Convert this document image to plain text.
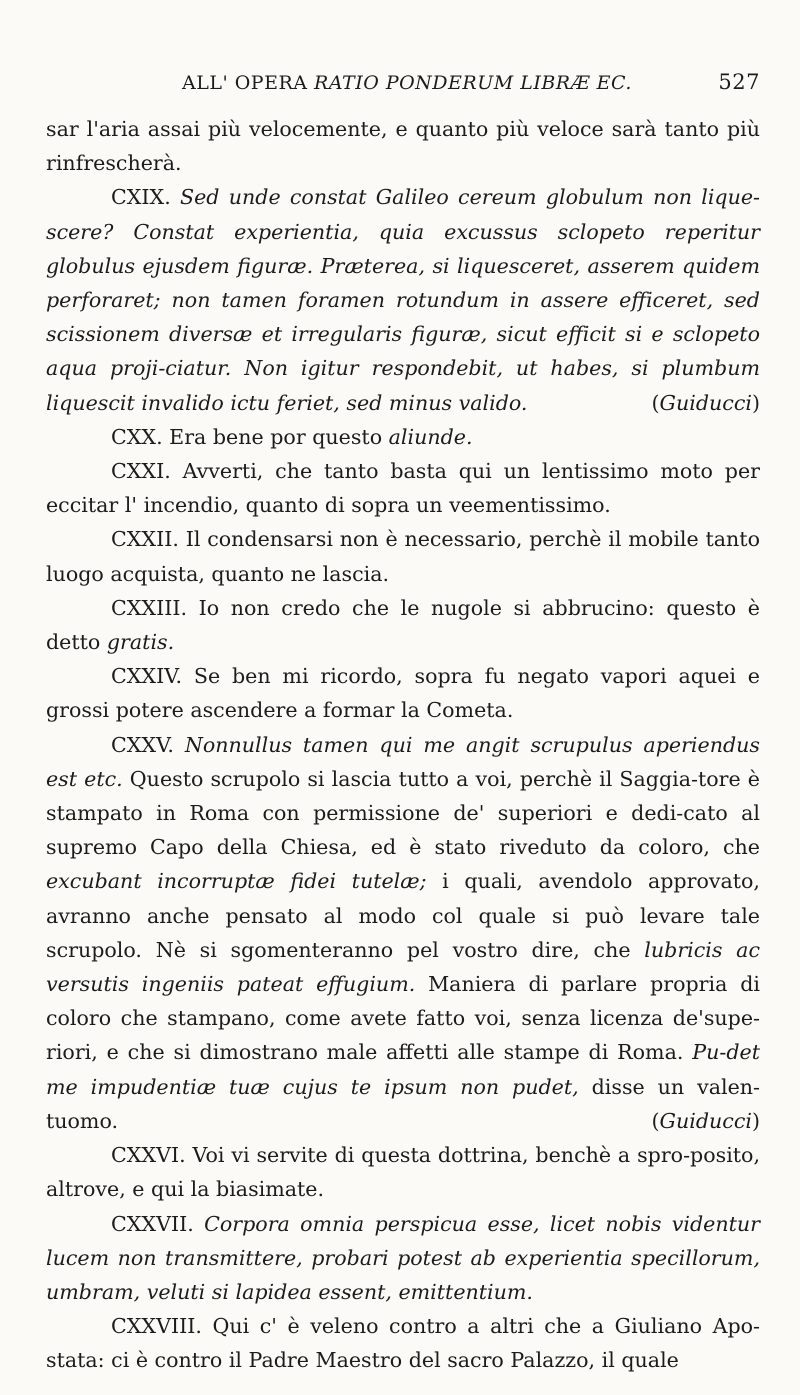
ALL' OPERA RATIO PONDERUM LIBRÆ EC.	527

sar l'aria assai più velocemente, e quanto più veloce sarà tanto più rinfrescherà.

CXIX. Sed unde constat Galileo cereum globulum non lique-scere? Constat experientia, quia excussus sclopeto reperitur globulus ejusdem figuræ. Præterea, si liquesceret, asserem quidem perforaret; non tamen foramen rotundum in assere efficeret, sed scissionem diversæ et irregularis figuræ, sicut efficit si e sclopeto aqua proji-ciatur. Non igitur respondebit, ut habes, si plumbum liquescit invalido ictu feriet, sed minus valido.	(Guiducci)

CXX. Era bene por questo aliunde.

CXXI. Avverti, che tanto basta qui un lentissimo moto per eccitar l' incendio, quanto di sopra un veementissimo.

CXXII. Il condensarsi non è necessario, perchè il mobile tanto luogo acquista, quanto ne lascia.

CXXIII. Io non credo che le nugole si abbrucino: questo è detto gratis.

CXXIV. Se ben mi ricordo, sopra fu negato vapori aquei e grossi potere ascendere a formar la Cometa.

CXXV. Nonnullus tamen qui me angit scrupulus aperiendus est etc. Questo scrupolo si lascia tutto a voi, perchè il Saggia-tore è stampato in Roma con permissione de' superiori e dedi-cato al supremo Capo della Chiesa, ed è stato riveduto da coloro, che excubant incorruptæ fidei tutelæ; i quali, avendolo approvato, avranno anche pensato al modo col quale si può levare tale scrupolo. Nè si sgomenteranno pel vostro dire, che lubricis ac versutis ingeniis pateat effugium. Maniera di parlare propria di coloro che stampano, come avete fatto voi, senza licenza de'supe-riori, e che si dimostrano male affetti alle stampe di Roma. Pu-det me impudentiæ tuæ cujus te ipsum non pudet, disse un valen-tuomo.	(Guiducci)

CXXVI. Voi vi servite di questa dottrina, benchè a spro-posito, altrove, e qui la biasimate.

CXXVII. Corpora omnia perspicua esse, licet nobis videntur lucem non transmittere, probari potest ab experientia specillorum, umbram, veluti si lapidea essent, emittentium.

CXXVIII. Qui c' è veleno contro a altri che a Giuliano Apo-stata: ci è contro il Padre Maestro del sacro Palazzo, il quale
